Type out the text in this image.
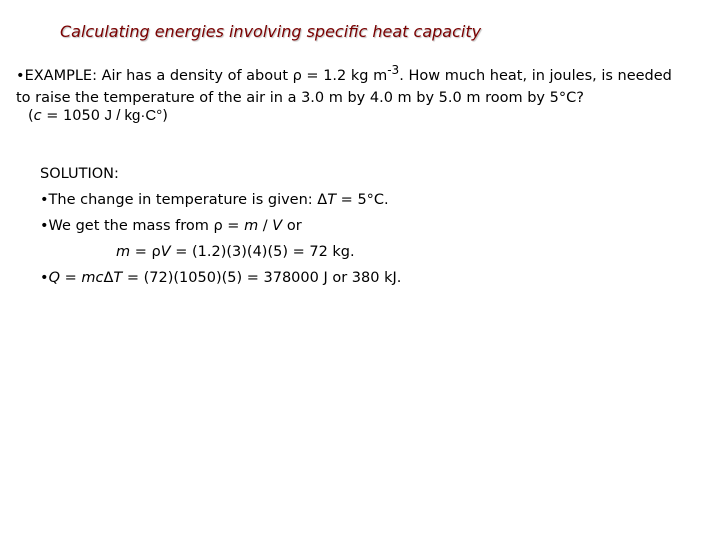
Calculating energies involving specific heat capacity
•EXAMPLE: Air has a density of about ρ = 1.2 kg $m^{-3}$. How much heat, in joules, is needed
to raise the temperature of the air in a 3.0 m by 4.0 m by 5.0 m room by 5°C?
(c = 1050 J / kg·C°)
SOLUTION:
•The change in temperature is given: ΔT = 5°C.
•We get the mass from ρ = m / V or
m = ρV = (1.2)(3)(4)(5) = 72 kg.
•Q = mcΔT = (72)(1050)(5) = 378000 J or 380 kJ.
